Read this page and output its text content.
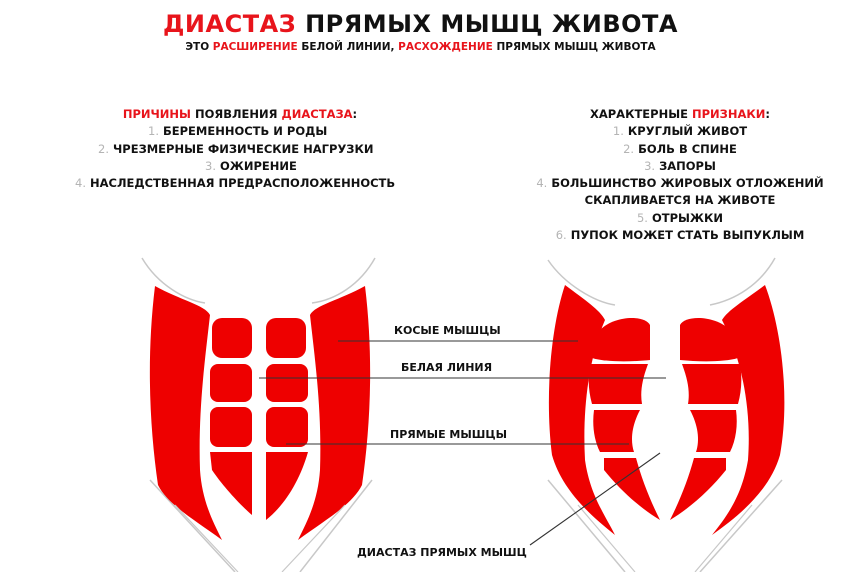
ДИАСТАЗ ПРЯМЫХ МЫШЦ ЖИВОТА
ЭТО РАСШИРЕНИЕ БЕЛОЙ ЛИНИИ, РАСХОЖДЕНИЕ ПРЯМЫХ МЫШЦ ЖИВОТА
ПРИЧИНЫ ПОЯВЛЕНИЯ ДИАСТАЗА:
1. БЕРЕМЕННОСТЬ И РОДЫ
2. ЧРЕЗМЕРНЫЕ ФИЗИЧЕСКИЕ НАГРУЗКИ
3. ОЖИРЕНИЕ
4. НАСЛЕДСТВЕННАЯ ПРЕДРАСПОЛОЖЕННОСТЬ
ХАРАКТЕРНЫЕ ПРИЗНАКИ:
1. КРУГЛЫЙ ЖИВОТ
2. БОЛЬ В СПИНЕ
3. ЗАПОРЫ
4. БОЛЬШИНСТВО ЖИРОВЫХ ОТЛОЖЕНИЙ
СКАПЛИВАЕТСЯ НА ЖИВОТЕ
5. ОТРЫЖКИ
6. ПУПОК МОЖЕТ СТАТЬ ВЫПУКЛЫМ
КОСЫЕ МЫШЦЫ
БЕЛАЯ ЛИНИЯ
ПРЯМЫЕ МЫШЦЫ
ДИАСТАЗ ПРЯМЫХ МЫШЦ
